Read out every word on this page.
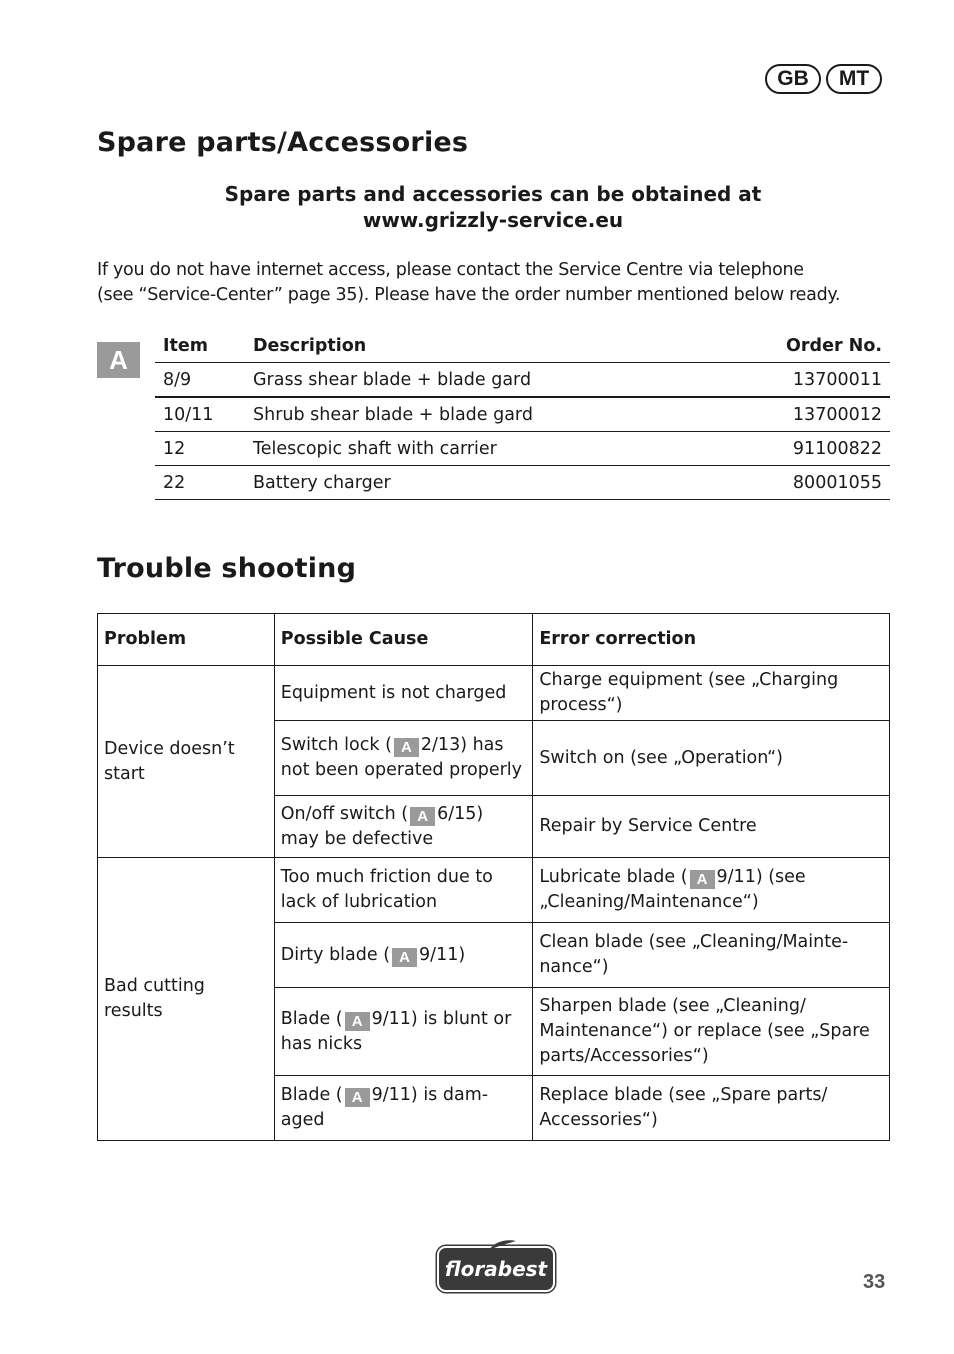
GB	MT
Spare parts/Accessories
Spare parts and accessories can be obtained at
www.grizzly-service.eu
If you do not have internet access, please contact the Service Centre via telephone
(see “Service-Center” page 35). Please have the order number mentioned below ready.
A	Item	Description	Order No.
8/9	Grass shear blade + blade gard	13700011
10/11	Shrub shear blade + blade gard	13700012
12	Telescopic shaft with carrier	91100822
22	Battery charger	80001055
Trouble shooting
Problem	Possible Cause	Error correction
Device doesn’t start	Equipment is not charged	Charge equipment (see „Charging process“)
	Switch lock ( A 2/13) has not been operated properly	Switch on (see „Operation“)
	On/off switch ( A 6/15) may be defective	Repair by Service Centre
Bad cutting results	Too much friction due to lack of lubrication	Lubricate blade ( A 9/11) (see „Cleaning/Maintenance“)
	Dirty blade ( A 9/11)	Clean blade (see „Cleaning/Mainte-nance“)
	Blade ( A 9/11) is blunt or has nicks	Sharpen blade (see „Cleaning/ Maintenance“) or replace (see „Spare parts/Accessories“)
	Blade ( A 9/11) is dam-aged	Replace blade (see „Spare parts/ Accessories“)
florabest
33
